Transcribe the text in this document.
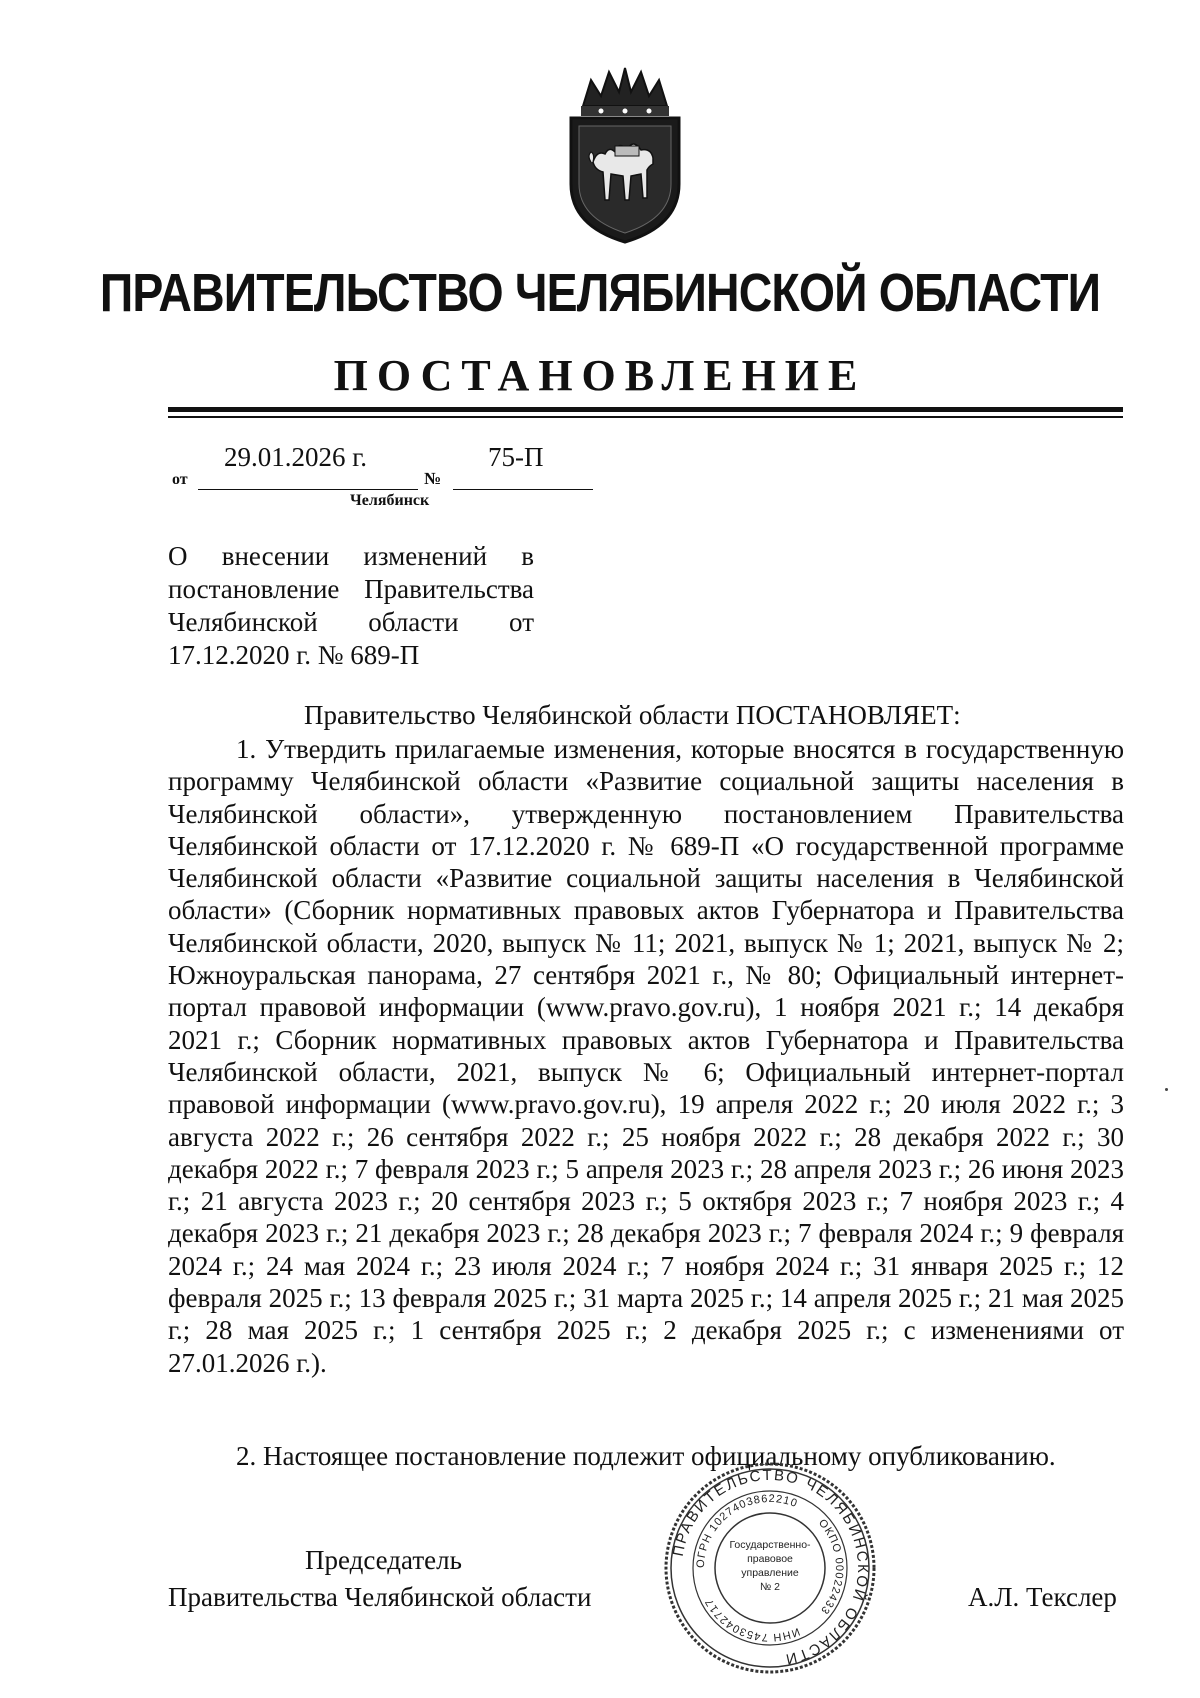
ПРАВИТЕЛЬСТВО ЧЕЛЯБИНСКОЙ ОБЛАСТИ
ПОСТАНОВЛЕНИЕ
29.01.2026 г.	75-П
от	№
Челябинск
О внесении изменений в постановление Правительства Челябинской области от 17.12.2020 г. № 689-П
Правительство Челябинской области ПОСТАНОВЛЯЕТ:
1. Утвердить прилагаемые изменения, которые вносятся в государственную программу Челябинской области «Развитие социальной защиты населения в Челябинской области», утвержденную постановлением Правительства Челябинской области от 17.12.2020 г. № 689-П «О государственной программе Челябинской области «Развитие социальной защиты населения в Челябинской области» (Сборник нормативных правовых актов Губернатора и Правительства Челябинской области, 2020, выпуск № 11; 2021, выпуск № 1; 2021, выпуск № 2; Южноуральская панорама, 27 сентября 2021 г., № 80; Официальный интернет-портал правовой информации (www.pravo.gov.ru), 1 ноября 2021 г.; 14 декабря 2021 г.; Сборник нормативных правовых актов Губернатора и Правительства Челябинской области, 2021, выпуск № 6; Официальный интернет-портал правовой информации (www.pravo.gov.ru), 19 апреля 2022 г.; 20 июля 2022 г.; 3 августа 2022 г.; 26 сентября 2022 г.; 25 ноября 2022 г.; 28 декабря 2022 г.; 30 декабря 2022 г.; 7 февраля 2023 г.; 5 апреля 2023 г.; 28 апреля 2023 г.; 26 июня 2023 г.; 21 августа 2023 г.; 20 сентября 2023 г.; 5 октября 2023 г.; 7 ноября 2023 г.; 4 декабря 2023 г.; 21 декабря 2023 г.; 28 декабря 2023 г.; 7 февраля 2024 г.; 9 февраля 2024 г.; 24 мая 2024 г.; 23 июля 2024 г.; 7 ноября 2024 г.; 31 января 2025 г.; 12 февраля 2025 г.; 13 февраля 2025 г.; 31 марта 2025 г.; 14 апреля 2025 г.; 21 мая 2025 г.; 28 мая 2025 г.; 1 сентября 2025 г.; 2 декабря 2025 г.; с изменениями от 27.01.2026 г.).
2. Настоящее постановление подлежит официальному опубликованию.
Председатель
Правительства Челябинской области	А.Л. Текслер
ПРАВИТЕЛЬСТВО ЧЕЛЯБИНСКОЙ ОБЛАСТИ
ОГРН 1027403862210
ОКПО 00022433
ИНН 7453042717
Государственно-
правовое
управление
№ 2
